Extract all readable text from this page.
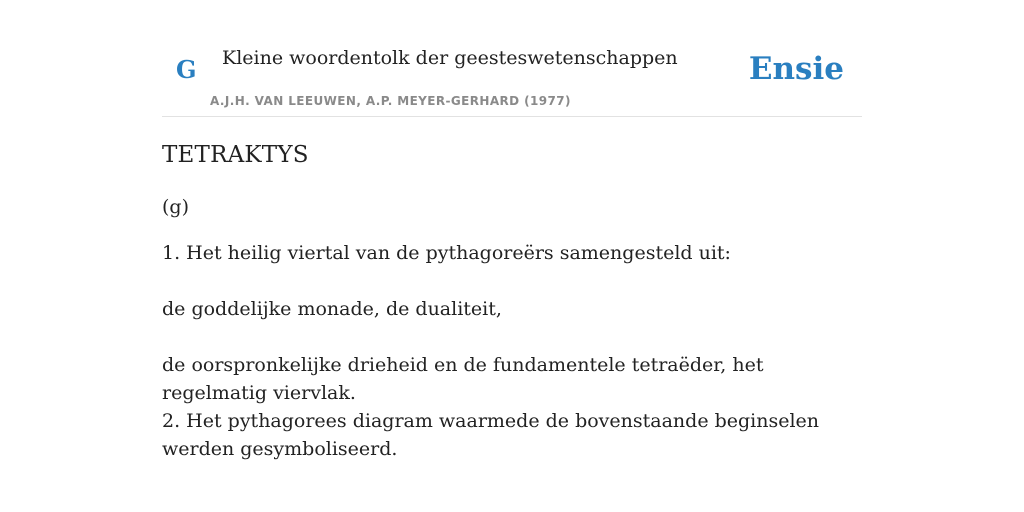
G Kleine woordentolk der geesteswetenschappen
A.J.H. VAN LEEUWEN, A.P. MEYER-GERHARD (1977)
Ensie
TETRAKTYS

(g)

1. Het heilig viertal van de pythagoreërs samengesteld uit:

de goddelijke monade, de dualiteit,

de oorspronkelijke drieheid en de fundamentele tetraëder, het regelmatig viervlak.

2. Het pythagorees diagram waarmede de bovenstaande beginselen werden gesymboliseerd.
